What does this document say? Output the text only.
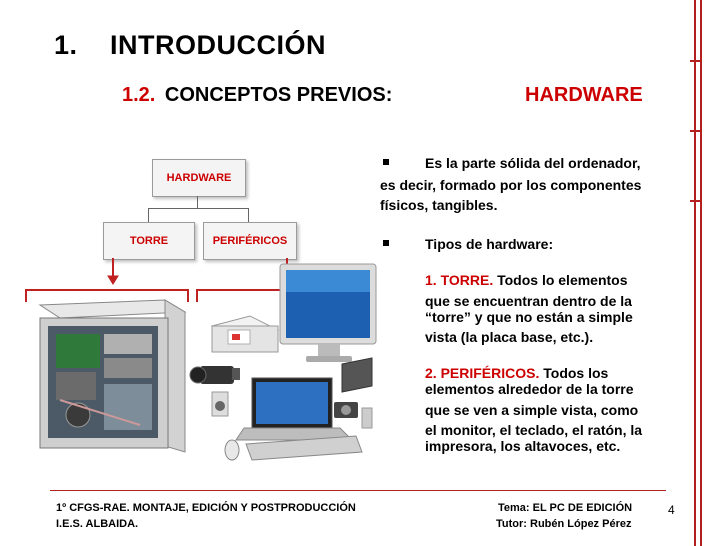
1. INTRODUCCIÓN
1.2. CONCEPTOS PREVIOS:	HARDWARE
HARDWARE
TORRE	PERIFÉRICOS
Es la parte sólida del ordenador,
es decir, formado por los componentes
físicos, tangibles.
Tipos de hardware:
1. TORRE. Todos lo elementos
que se encuentran dentro de la
“torre” y que no están a simple
vista (la placa base, etc.).
2. PERIFÉRICOS. Todos los
elementos alrededor de la torre
que se ven a simple vista, como
el monitor, el teclado, el ratón, la
impresora, los altavoces, etc.
1º CFGS-RAE. MONTAJE, EDICIÓN Y POSTPRODUCCIÓN
I.E.S. ALBAIDA.
Tema: EL PC DE EDICIÓN
Tutor: Rubén López Pérez
4
